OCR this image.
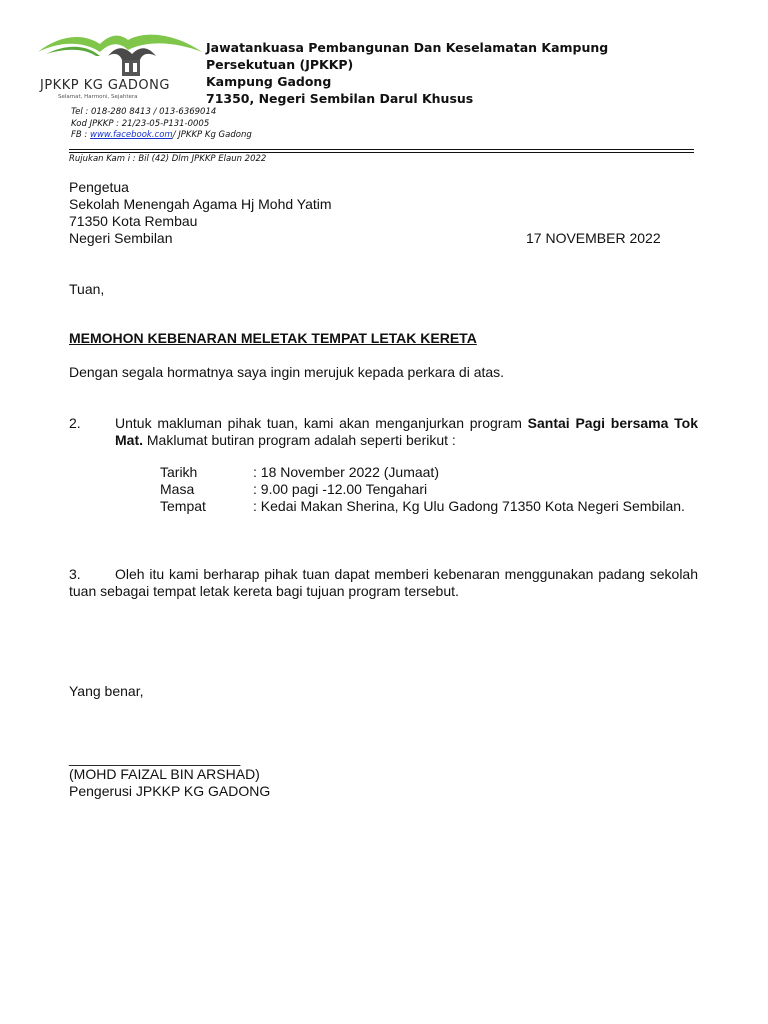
JPKKP KG GADONG
Selamat, Harmoni, Sejahtera
Jawatankuasa Pembangunan Dan Keselamatan Kampung
Persekutuan (JPKKP)
Kampung Gadong
71350, Negeri Sembilan Darul Khusus
Tel : 018-280 8413 / 013-6369014
Kod JPKKP : 21/23-05-P131-0005
FB : www.facebook.com/ JPKKP Kg Gadong
Rujukan Kam i : Bil (42) Dlm JPKKP Elaun 2022
Pengetua
Sekolah Menengah Agama Hj Mohd Yatim
71350 Kota Rembau
Negeri Sembilan	17 NOVEMBER 2022
Tuan,
MEMOHON KEBENARAN MELETAK TEMPAT LETAK KERETA
Dengan segala hormatnya saya ingin merujuk kepada perkara di atas.
2. Untuk makluman pihak tuan, kami akan menganjurkan program Santai Pagi bersama Tok Mat. Maklumat butiran program adalah seperti berikut :
Tarikh	: 18 November 2022 (Jumaat)
Masa	: 9.00 pagi -12.00 Tengahari
Tempat	: Kedai Makan Sherina, Kg Ulu Gadong 71350 Kota Negeri Sembilan.
3. Oleh itu kami berharap pihak tuan dapat memberi kebenaran menggunakan padang sekolah tuan sebagai tempat letak kereta bagi tujuan program tersebut.
Yang benar,
______________________
(MOHD FAIZAL BIN ARSHAD)
Pengerusi JPKKP KG GADONG
